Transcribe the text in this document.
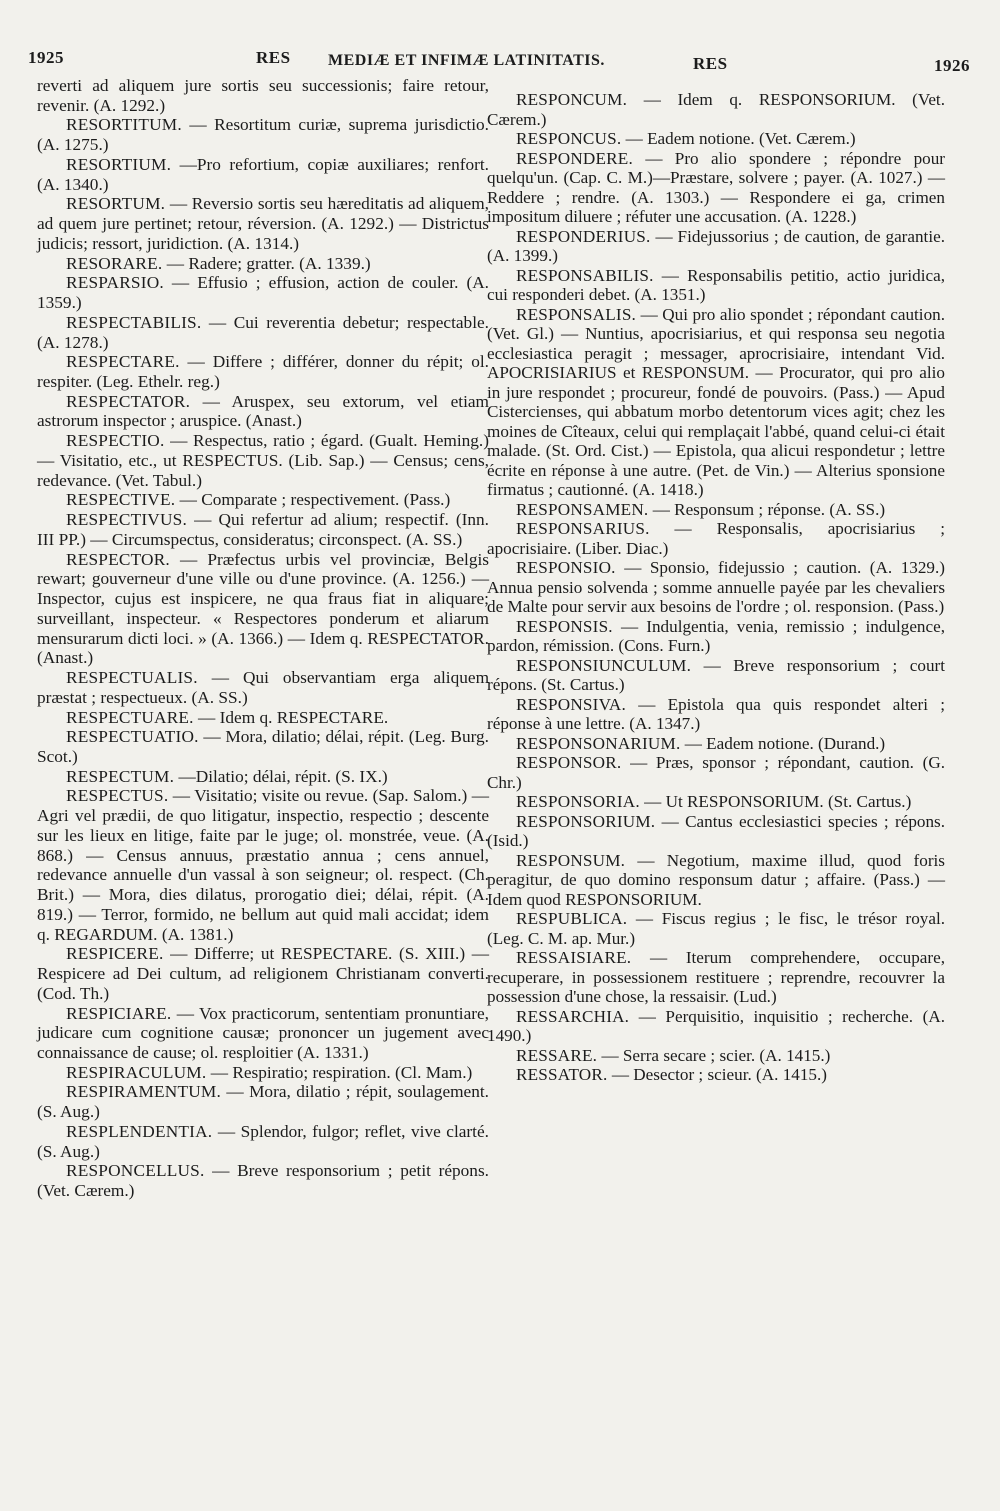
1925	RES MEDIÆ ET INFIMÆ LATINITATIS.	RES	1926

reverti ad aliquem jure sortis seu successionis; faire retour, revenir. (A. 1292.)

RESORTITUM. — Resortitum curiæ, suprema jurisdictio. (A. 1275.)

RESORTIUM. —Pro refortium, copiæ auxiliares; renfort. (A. 1340.)

RESORTUM. — Reversio sortis seu hæreditatis ad aliquem, ad quem jure pertinet; retour, réversion. (A. 1292.) — Districtus judicis; ressort, juridiction. (A. 1314.)

RESORARE. — Radere; gratter. (A. 1339.)

RESPARSIO. — Effusio ; effusion, action de couler. (A. 1359.)

RESPECTABILIS. — Cui reverentia debetur; respectable. (A. 1278.)

RESPECTARE. — Differe ; différer, donner du répit; ol. respiter. (Leg. Ethelr. reg.)

RESPECTATOR. — Aruspex, seu extorum, vel etiam astrorum inspector ; aruspice. (Anast.)

RESPECTIO. — Respectus, ratio ; égard. (Gualt. Heming.)— Visitatio, etc., ut RESPECTUS. (Lib. Sap.) — Census; cens, redevance. (Vet. Tabul.)

RESPECTIVE. — Comparate ; respectivement. (Pass.)

RESPECTIVUS. — Qui refertur ad alium; respectif. (Inn. III PP.) — Circumspectus, consideratus; circonspect. (A. SS.)

RESPECTOR. — Præfectus urbis vel provinciæ, Belgis rewart; gouverneur d'une ville ou d'une province. (A. 1256.) — Inspector, cujus est inspicere, ne qua fraus fiat in aliquare; surveillant, inspecteur. « Respectores ponderum et aliarum mensurarum dicti loci. » (A. 1366.) — Idem q. RESPECTATOR. (Anast.)

RESPECTUALIS. — Qui observantiam erga aliquem præstat ; respectueux. (A. SS.)

RESPECTUARE. — Idem q. RESPECTARE.

RESPECTUATIO. — Mora, dilatio; délai, répit. (Leg. Burg. Scot.)

RESPECTUM. —Dilatio; délai, répit. (S. IX.)

RESPECTUS. — Visitatio; visite ou revue. (Sap. Salom.) — Agri vel prædii, de quo litigatur, inspectio, respectio ; descente sur les lieux en litige, faite par le juge; ol. monstrée, veue. (A. 868.) — Census annuus, præstatio annua ; cens annuel, redevance annuelle d'un vassal à son seigneur; ol. respect. (Ch. Brit.) — Mora, dies dilatus, prorogatio diei; délai, répit. (A. 819.) — Terror, formido, ne bellum aut quid mali accidat; idem q. REGARDUM. (A. 1381.)

RESPICERE. — Differre; ut RESPECTARE. (S. XIII.) — Respicere ad Dei cultum, ad religionem Christianam converti. (Cod. Th.)

RESPICIARE. — Vox practicorum, sententiam pronuntiare, judicare cum cognitione causæ; prononcer un jugement avec connaissance de cause; ol. resploitier (A. 1331.)

RESPIRACULUM. — Respiratio; respiration. (Cl. Mam.)

RESPIRAMENTUM. — Mora, dilatio ; répit, soulagement. (S. Aug.)

RESPLENDENTIA. — Splendor, fulgor; reflet, vive clarté. (S. Aug.)

RESPONCELLUS. — Breve responsorium ; petit répons. (Vet. Cærem.)

RESPONCUM. — Idem q. RESPONSORIUM. (Vet. Cærem.)

RESPONCUS. — Eadem notione. (Vet. Cærem.)

RESPONDERE. — Pro alio spondere ; répondre pour quelqu'un. (Cap. C. M.)—Præstare, solvere ; payer. (A. 1027.) — Reddere ; rendre. (A. 1303.) — Respondere ei ga, crimen impositum diluere ; réfuter une accusation. (A. 1228.)

RESPONDERIUS. — Fidejussorius ; de caution, de garantie. (A. 1399.)

RESPONSABILIS. — Responsabilis petitio, actio juridica, cui responderi debet. (A. 1351.)

RESPONSALIS. — Qui pro alio spondet ; répondant caution. (Vet. Gl.) — Nuntius, apocrisiarius, et qui responsa seu negotia ecclesiastica peragit ; messager, aprocrisiaire, intendant Vid. APOCRISIARIUS et RESPONSUM. — Procurator, qui pro alio in jure respondet ; procureur, fondé de pouvoirs. (Pass.) — Apud Cistercienses, qui abbatum morbo detentorum vices agit; chez les moines de Cîteaux, celui qui remplaçait l'abbé, quand celui-ci était malade. (St. Ord. Cist.) — Epistola, qua alicui respondetur ; lettre écrite en réponse à une autre. (Pet. de Vin.) — Alterius sponsione firmatus ; cautionné. (A. 1418.)

RESPONSAMEN. — Responsum ; réponse. (A. SS.)

RESPONSARIUS. — Responsalis, apocrisiarius ; apocrisiaire. (Liber. Diac.)

RESPONSIO. — Sponsio, fidejussio ; caution. (A. 1329.) Annua pensio solvenda ; somme annuelle payée par les chevaliers de Malte pour servir aux besoins de l'ordre ; ol. responsion. (Pass.)

RESPONSIS. — Indulgentia, venia, remissio ; indulgence, pardon, rémission. (Cons. Furn.)

RESPONSIUNCULUM. — Breve responsorium ; court répons. (St. Cartus.)

RESPONSIVA. — Epistola qua quis respondet alteri ; réponse à une lettre. (A. 1347.)

RESPONSONARIUM. — Eadem notione. (Durand.)

RESPONSOR. — Præs, sponsor ; répondant, caution. (G. Chr.)

RESPONSORIA. — Ut RESPONSORIUM. (St. Cartus.)

RESPONSORIUM. — Cantus ecclesiastici species ; répons. (Isid.)

RESPONSUM. — Negotium, maxime illud, quod foris peragitur, de quo domino responsum datur ; affaire. (Pass.) — Idem quod RESPONSORIUM.

RESPUBLICA. — Fiscus regius ; le fisc, le trésor royal. (Leg. C. M. ap. Mur.)

RESSAISIARE. — Iterum comprehendere, occupare, recuperare, in possessionem restituere ; reprendre, recouvrer la possession d'une chose, la ressaisir. (Lud.)

RESSARCHIA. — Perquisitio, inquisitio ; recherche. (A. 1490.)

RESSARE. — Serra secare ; scier. (A. 1415.)

RESSATOR. — Desector ; scieur. (A. 1415.)
